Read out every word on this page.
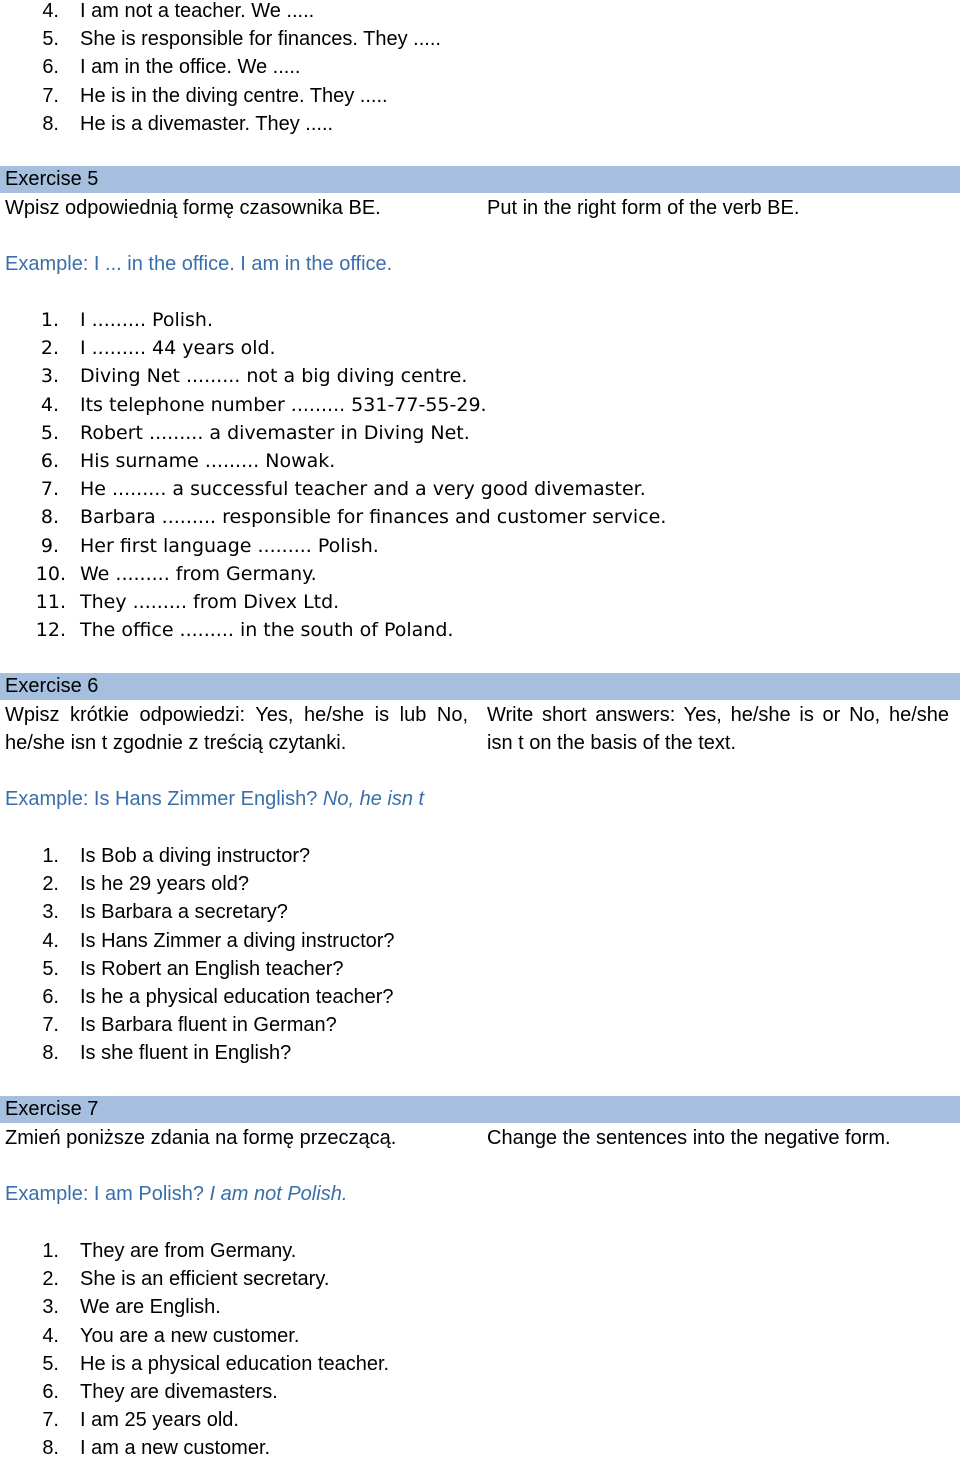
4.	I am not a teacher. We .....
5.	She is responsible for finances. They .....
6.	I am in the office. We .....
7.	He is in the diving centre. They .....
8.	He is a divemaster. They .....
Exercise 5
Wpisz odpowiednią formę czasownika BE.	Put in the right form of the verb BE.
Example: I ... in the office. I am in the office.
1.	I ......... Polish.
2.	I ......... 44 years old.
3.	Diving Net ......... not a big diving centre.
4.	Its telephone number ......... 531-77-55-29.
5.	Robert ......... a divemaster in Diving Net.
6.	His surname ......... Nowak.
7.	He ......... a successful teacher and a very good divemaster.
8.	Barbara ......... responsible for finances and customer service.
9.	Her first language ......... Polish.
10. We ......... from Germany.
11. They ......... from Divex Ltd.
12. The office ......... in the south of Poland.
Exercise 6
Wpisz krótkie odpowiedzi: Yes, he/she is lub No, he/she isn t zgodnie z treścią czytanki.
Write short answers: Yes, he/she is or No, he/she isn t on the basis of the text.
Example: Is Hans Zimmer English? No, he isn t
1.	Is Bob a diving instructor?
2.	Is he 29 years old?
3.	Is Barbara a secretary?
4.	Is Hans Zimmer a diving instructor?
5.	Is Robert an English teacher?
6.	Is he a physical education teacher?
7.	Is Barbara fluent in German?
8.	Is she fluent in English?
Exercise 7
Zmień poniższe zdania na formę przeczącą.	Change the sentences into the negative form.
Example: I am Polish? I am not Polish.
1.	They are from Germany.
2.	She is an efficient secretary.
3.	We are English.
4.	You are a new customer.
5.	He is a physical education teacher.
6.	They are divemasters.
7.	I am 25 years old.
8.	I am a new customer.
